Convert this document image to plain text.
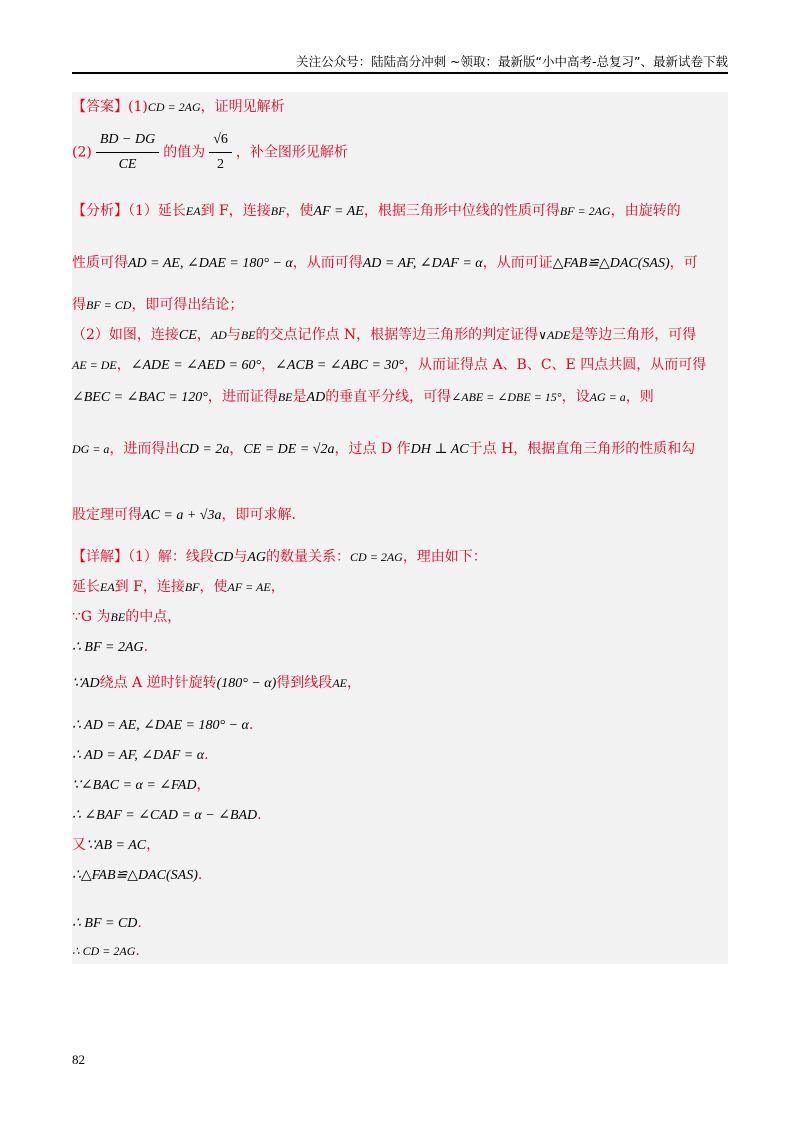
关注公众号：陆陆高分冲刺 ~领取：最新版“小中高考-总复习”、最新试卷下载
【答案】(1)CD = 2AG，证明见解析
$(2) \frac{BD - DG}{CE}$ 的值为 $\frac{√6}{2}$ ，补全图形见解析
【分析】（1）延长EA到 F，连接BF，使AF = AE，根据三角形中位线的性质可得BF = 2AG，由旋转的
性质可得AD = AE, ∠DAE = 180° − α，从而可得AD = AF, ∠DAF = α，从而可证△FAB≌△DAC(SAS)，可
得BF = CD，即可得出结论；
（2）如图，连接CE，AD与BE的交点记作点 N，根据等边三角形的判定证得∨ADE是等边三角形，可得
AE = DE，∠ADE = ∠AED = 60°，∠ACB = ∠ABC = 30°，从而证得点 A、B、C、E 四点共圆，从而可得
∠BEC = ∠BAC = 120°，进而证得BE是AD的垂直平分线，可得∠ABE = ∠DBE = 15°，设AG = a，则
DG = a，进而得出CD = 2a，CE = DE = √2a，过点 D 作DH ⊥ AC于点 H，根据直角三角形的性质和勾
股定理可得AC = a + √3a，即可求解.
【详解】（1）解：线段CD与AG的数量关系：CD = 2AG，理由如下：
延长EA到 F，连接BF，使AF = AE，
∵G 为BE的中点，
∴ BF = 2AG.
∵AD绕点 A 逆时针旋转(180° − α)得到线段AE，
∴ AD = AE, ∠DAE = 180° − α.
∴ AD = AF, ∠DAF = α.
∵∠BAC = α = ∠FAD，
∴ ∠BAF = ∠CAD = α − ∠BAD.
又∵AB = AC，
∴△FAB≌△DAC(SAS).
∴ BF = CD.
∴ CD = 2AG.
82
